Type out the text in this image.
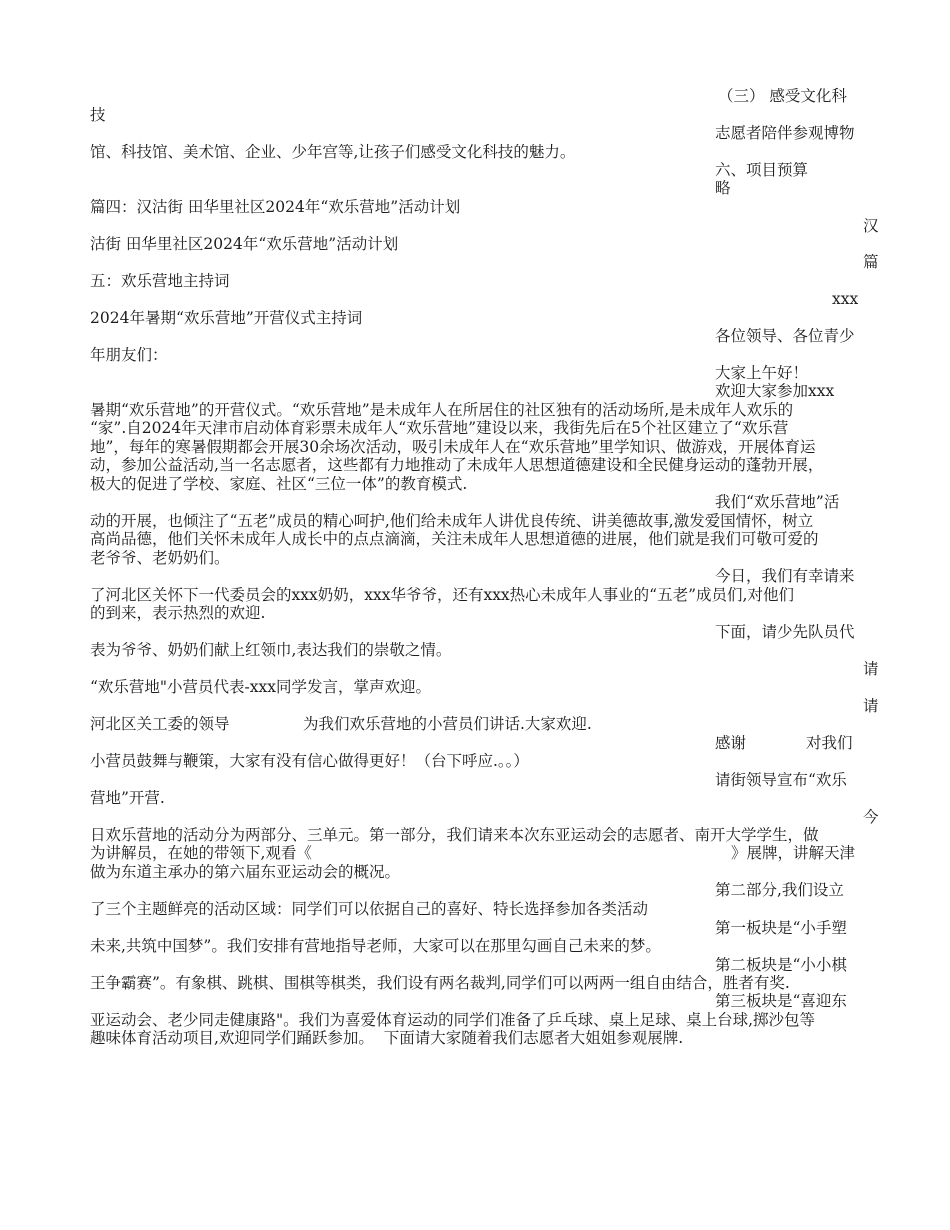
（三） 感受文化科
技
志愿者陪伴参观博物
馆、科技馆、美术馆、企业、少年宫等,让孩子们感受文化科技的魅力。
六、项目预算
略
篇四：汉沽街 田华里社区2024年“欢乐营地”活动计划
汉
沽街 田华里社区2024年“欢乐营地”活动计划
篇
五：欢乐营地主持词
xxx
2024年暑期“欢乐营地”开营仪式主持词
各位领导、各位青少
年朋友们：
大家上午好！
欢迎大家参加xxx
暑期“欢乐营地”的开营仪式。“欢乐营地”是未成年人在所居住的社区独有的活动场所,是未成年人欢乐的
“家”.自2024年天津市启动体育彩票未成年人“欢乐营地”建设以来，我街先后在5个社区建立了“欢乐营
地”，每年的寒暑假期都会开展30余场次活动，吸引未成年人在“欢乐营地”里学知识、做游戏，开展体育运
动，参加公益活动,当一名志愿者，这些都有力地推动了未成年人思想道德建设和全民健身运动的蓬勃开展，
极大的促进了学校、家庭、社区“三位一体”的教育模式.
我们“欢乐营地”活
动的开展，也倾注了“五老”成员的精心呵护,他们给未成年人讲优良传统、讲美德故事,激发爱国情怀，树立
高尚品德，他们关怀未成年人成长中的点点滴滴，关注未成年人思想道德的进展，他们就是我们可敬可爱的
老爷爷、老奶奶们。
今日，我们有幸请来
了河北区关怀下一代委员会的xxx奶奶，xxx华爷爷，还有xxx热心未成年人事业的“五老”成员们,对他们
的到来，表示热烈的欢迎.
下面，请少先队员代
表为爷爷、奶奶们献上红领巾,表达我们的崇敬之情。
请
“欢乐营地"小营员代表-xxx同学发言，掌声欢迎。
请
河北区关工委的领导	为我们欢乐营地的小营员们讲话.大家欢迎.
感谢	对我们
小营员鼓舞与鞭策，大家有没有信心做得更好！（台下呼应.。。）
请街领导宣布“欢乐
营地”开营.
今
日欢乐营地的活动分为两部分、三单元。第一部分，我们请来本次东亚运动会的志愿者、南开大学学生，做
为讲解员，在她的带领下,观看《	》展牌，讲解天津
做为东道主承办的第六届东亚运动会的概况。
第二部分,我们设立
了三个主题鲜亮的活动区域：同学们可以依据自己的喜好、特长选择参加各类活动
第一板块是“小手塑
未来,共筑中国梦”。我们安排有营地指导老师，大家可以在那里勾画自己未来的梦。
第二板块是“小小棋
王争霸赛”。有象棋、跳棋、围棋等棋类，我们设有两名裁判,同学们可以两两一组自由结合，胜者有奖.
第三板块是“喜迎东
亚运动会、老少同走健康路"。我们为喜爱体育运动的同学们准备了乒乓球、桌上足球、桌上台球,掷沙包等
趣味体育活动项目,欢迎同学们踊跃参加。  下面请大家随着我们志愿者大姐姐参观展牌.
